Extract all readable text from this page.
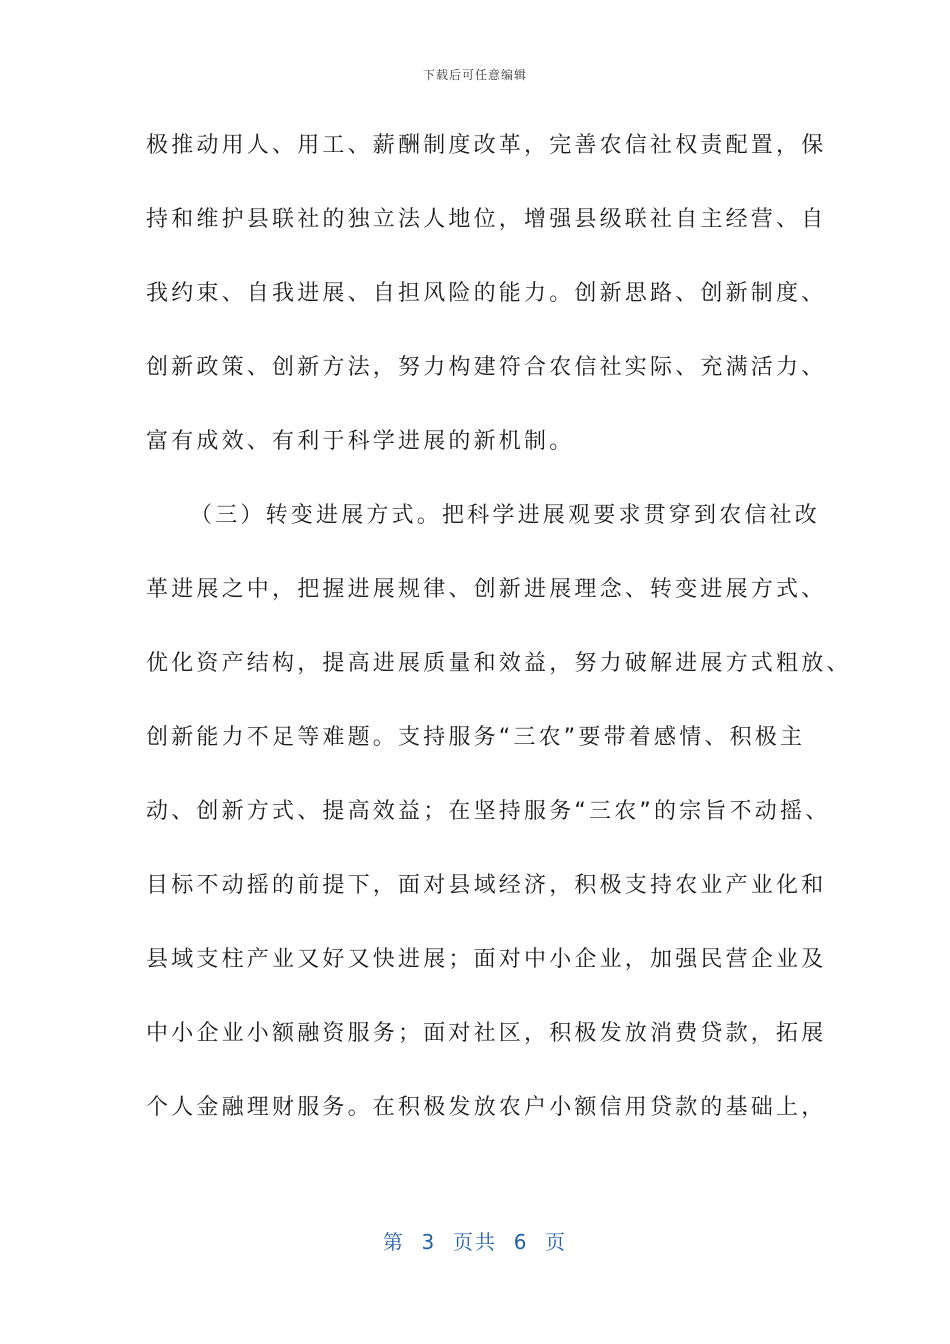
下载后可任意编辑
极推动用人、用工、薪酬制度改革，完善农信社权责配置，保
持和维护县联社的独立法人地位，增强县级联社自主经营、自
我约束、自我进展、自担风险的能力。创新思路、创新制度、
创新政策、创新方法，努力构建符合农信社实际、充满活力、
富有成效、有利于科学进展的新机制。
（三）转变进展方式。把科学进展观要求贯穿到农信社改
革进展之中，把握进展规律、创新进展理念、转变进展方式、
优化资产结构，提高进展质量和效益，努力破解进展方式粗放、
创新能力不足等难题。支持服务“三农”要带着感情、积极主
动、创新方式、提高效益；在坚持服务“三农”的宗旨不动摇、
目标不动摇的前提下，面对县域经济，积极支持农业产业化和
县域支柱产业又好又快进展；面对中小企业，加强民营企业及
中小企业小额融资服务；面对社区，积极发放消费贷款，拓展
个人金融理财服务。在积极发放农户小额信用贷款的基础上，
第  3  页共  6  页
